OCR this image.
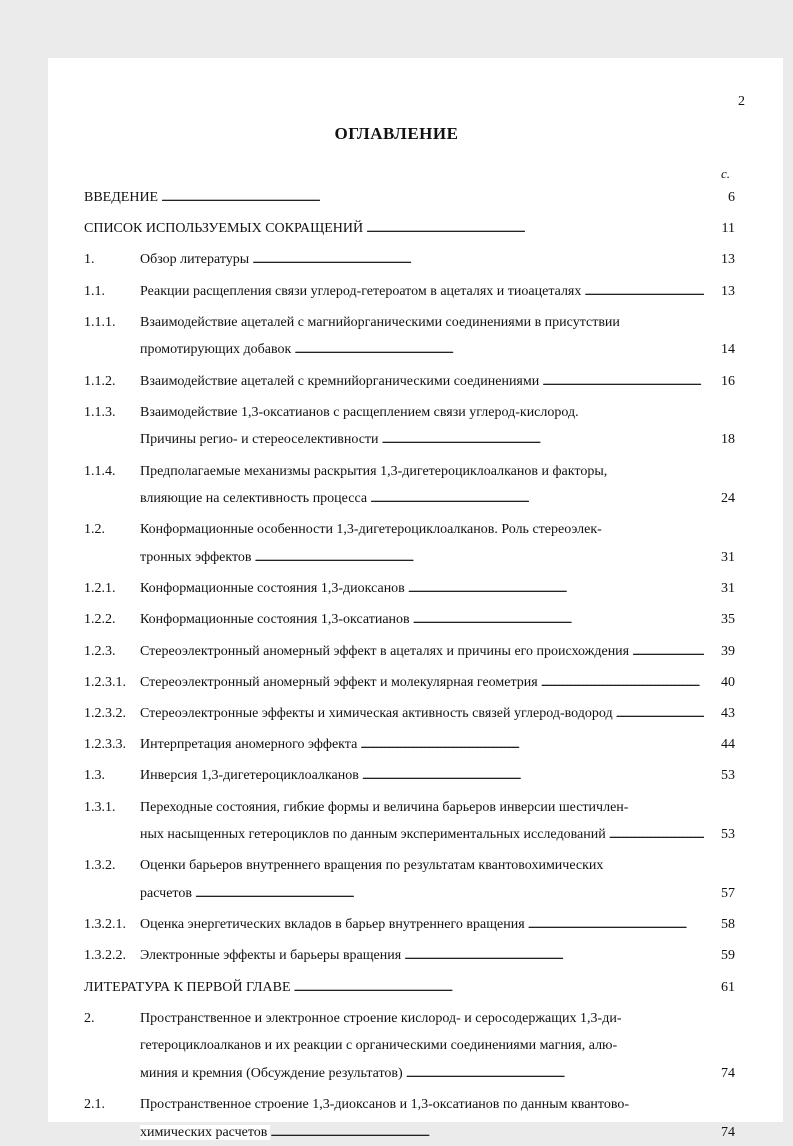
2
ОГЛАВЛЕНИЕ
с.
ВВЕДЕНИЕ . . .	6
СПИСОК ИСПОЛЬЗУЕМЫХ СОКРАЩЕНИЙ . . .	11
1.	Обзор литературы . . .	13
1.1.	Реакции расщепления связи углерод-гетероатом в ацеталях и тиоацеталях . . .	13
1.1.1. Взаимодействие ацеталей с магнийорганическими соединениями в присутствии
промотирующих добавок . . .	14
1.1.2. Взаимодействие ацеталей с кремнийорганическими соединениями . . .	16
1.1.3. Взаимодействие 1,3-оксатианов с расщеплением связи углерод-кислород.
Причины регио- и стереоселективности . . .	18
1.1.4. Предполагаемые механизмы раскрытия 1,3-дигетероциклоалканов и факторы,
влияющие на селективность процесса . . .	24
1.2.	Конформационные особенности 1,3-дигетероциклоалканов. Роль стереоэлек-
тронных эффектов . . .	31
1.2.1. Конформационные состояния 1,3-диоксанов . . .	31
1.2.2. Конформационные состояния 1,3-оксатианов . . .	35
1.2.3. Стереоэлектронный аномерный эффект в ацеталях и причины его происхождения . . .	39
1.2.3.1. Стереоэлектронный аномерный эффект и молекулярная геометрия . . .	40
1.2.3.2. Стереоэлектронные эффекты и химическая активность связей углерод-водород . . .	43
1.2.3.3. Интерпретация аномерного эффекта . . .	44
1.3.	Инверсия 1,3-дигетероциклоалканов . . .	53
1.3.1. Переходные состояния, гибкие формы и величина барьеров инверсии шестичлен-
ных насыщенных гетероциклов по данным экспериментальных исследований . . .	53
1.3.2. Оценки барьеров внутреннего вращения по результатам квантовохимических
расчетов . . .	57
1.3.2.1. Оценка энергетических вкладов в барьер внутреннего вращения . . .	58
1.3.2.2. Электронные эффекты и барьеры вращения . . .	59
ЛИТЕРАТУРА К ПЕРВОЙ ГЛАВЕ . . .	61
2.	Пространственное и электронное строение кислород- и серосодержащих 1,3-ди-
гетероциклоалканов и их реакции с органическими соединениями магния, алю-
миния и кремния (Обсуждение результатов) . . .	74
2.1.	Пространственное строение 1,3-диоксанов и 1,3-оксатианов по данным квантово-
химических расчетов . . .	74
